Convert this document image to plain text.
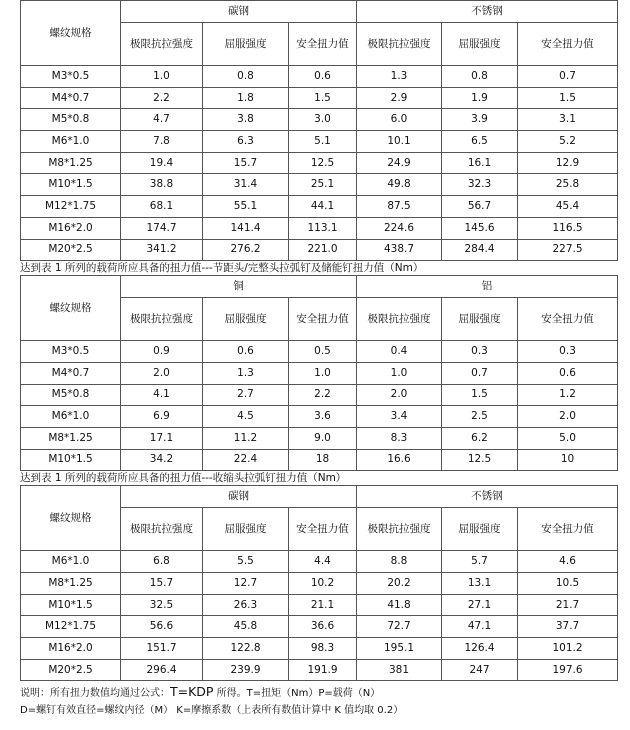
螺纹规格	碳钢			不锈钢		
	极限抗拉强度	屈服强度	安全扭力值	极限抗拉强度	屈服强度	安全扭力值
M3*0.5	1.0	0.8	0.6	1.3	0.8	0.7
M4*0.7	2.2	1.8	1.5	2.9	1.9	1.5
M5*0.8	4.7	3.8	3.0	6.0	3.9	3.1
M6*1.0	7.8	6.3	5.1	10.1	6.5	5.2
M8*1.25	19.4	15.7	12.5	24.9	16.1	12.9
M10*1.5	38.8	31.4	25.1	49.8	32.3	25.8
M12*1.75	68.1	55.1	44.1	87.5	56.7	45.4
M16*2.0	174.7	141.4	113.1	224.6	145.6	116.5
M20*2.5	341.2	276.2	221.0	438.7	284.4	227.5
达到表 1 所列的载荷所应具备的扭力值---节距头/完整头拉弧钉及储能钉扭力值（Nm）
螺纹规格	铜			铝		
	极限抗拉强度	屈服强度	安全扭力值	极限抗拉强度	屈服强度	安全扭力值
M3*0.5	0.9	0.6	0.5	0.4	0.3	0.3
M4*0.7	2.0	1.3	1.0	1.0	0.7	0.6
M5*0.8	4.1	2.7	2.2	2.0	1.5	1.2
M6*1.0	6.9	4.5	3.6	3.4	2.5	2.0
M8*1.25	17.1	11.2	9.0	8.3	6.2	5.0
M10*1.5	34.2	22.4	18	16.6	12.5	10
达到表 1 所列的载荷所应具备的扭力值---收缩头拉弧钉扭力值（Nm）
螺纹规格	碳钢			不锈钢		
	极限抗拉强度	屈服强度	安全扭力值	极限抗拉强度	屈服强度	安全扭力值
M6*1.0	6.8	5.5	4.4	8.8	5.7	4.6
M8*1.25	15.7	12.7	10.2	20.2	13.1	10.5
M10*1.5	32.5	26.3	21.1	41.8	27.1	21.7
M12*1.75	56.6	45.8	36.6	72.7	47.1	37.7
M16*2.0	151.7	122.8	98.3	195.1	126.4	101.2
M20*2.5	296.4	239.9	191.9	381	247	197.6
说明：所有扭力数值均通过公式：T=KDP 所得。T=扭矩（Nm）P=载荷（N）
D=螺钉有效直径=螺纹内径（M） K=摩擦系数（上表所有数值计算中 K 值均取 0.2）
